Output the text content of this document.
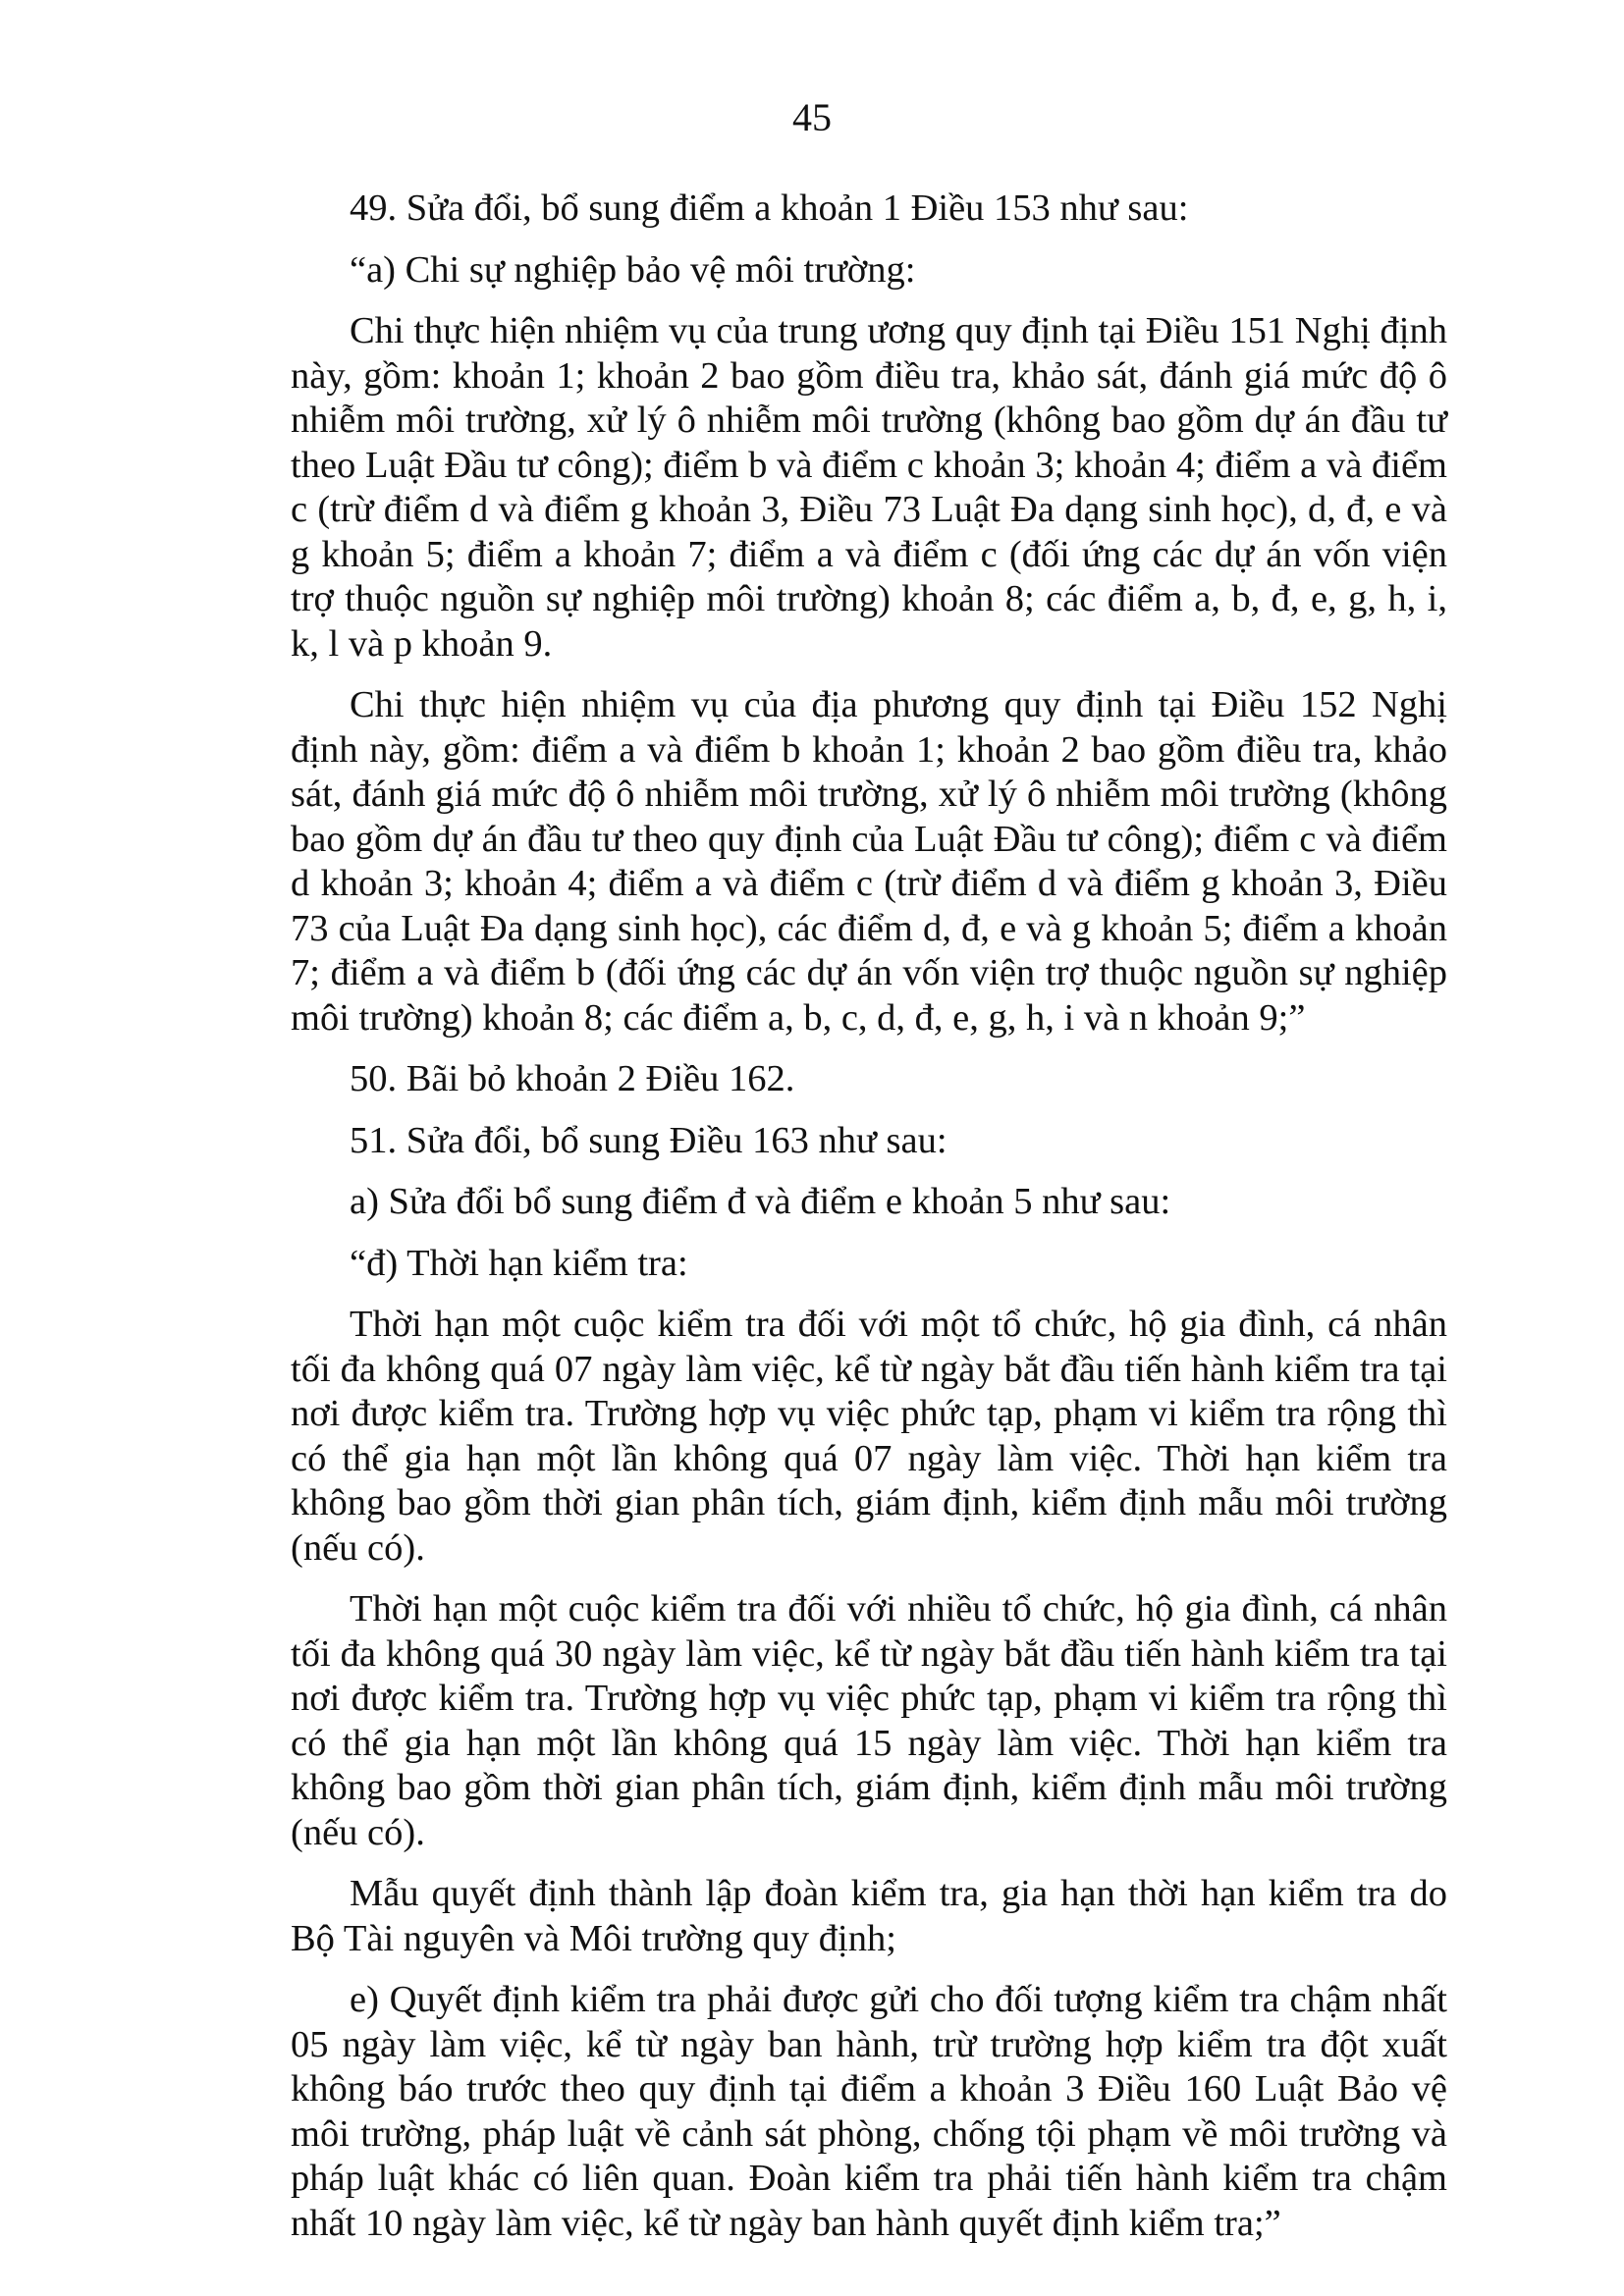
45

49. Sửa đổi, bổ sung điểm a khoản 1 Điều 153 như sau:

“a) Chi sự nghiệp bảo vệ môi trường:

Chi thực hiện nhiệm vụ của trung ương quy định tại Điều 151 Nghị định này, gồm: khoản 1; khoản 2 bao gồm điều tra, khảo sát, đánh giá mức độ ô nhiễm môi trường, xử lý ô nhiễm môi trường (không bao gồm dự án đầu tư theo Luật Đầu tư công); điểm b và điểm c khoản 3; khoản 4; điểm a và điểm c (trừ điểm d và điểm g khoản 3, Điều 73 Luật Đa dạng sinh học), d, đ, e và g khoản 5; điểm a khoản 7; điểm a và điểm c (đối ứng các dự án vốn viện trợ thuộc nguồn sự nghiệp môi trường) khoản 8; các điểm a, b, đ, e, g, h, i, k, l và p khoản 9.

Chi thực hiện nhiệm vụ của địa phương quy định tại Điều 152 Nghị định này, gồm: điểm a và điểm b khoản 1; khoản 2 bao gồm điều tra, khảo sát, đánh giá mức độ ô nhiễm môi trường, xử lý ô nhiễm môi trường (không bao gồm dự án đầu tư theo quy định của Luật Đầu tư công); điểm c và điểm d khoản 3; khoản 4; điểm a và điểm c (trừ điểm d và điểm g khoản 3, Điều 73 của Luật Đa dạng sinh học), các điểm d, đ, e và g khoản 5; điểm a khoản 7; điểm a và điểm b (đối ứng các dự án vốn viện trợ thuộc nguồn sự nghiệp môi trường) khoản 8; các điểm a, b, c, d, đ, e, g, h, i và n khoản 9;”

50. Bãi bỏ khoản 2 Điều 162.

51. Sửa đổi, bổ sung Điều 163 như sau:

a) Sửa đổi bổ sung điểm đ và điểm e khoản 5 như sau:

“đ) Thời hạn kiểm tra:

Thời hạn một cuộc kiểm tra đối với một tổ chức, hộ gia đình, cá nhân tối đa không quá 07 ngày làm việc, kể từ ngày bắt đầu tiến hành kiểm tra tại nơi được kiểm tra. Trường hợp vụ việc phức tạp, phạm vi kiểm tra rộng thì có thể gia hạn một lần không quá 07 ngày làm việc. Thời hạn kiểm tra không bao gồm thời gian phân tích, giám định, kiểm định mẫu môi trường (nếu có).

Thời hạn một cuộc kiểm tra đối với nhiều tổ chức, hộ gia đình, cá nhân tối đa không quá 30 ngày làm việc, kể từ ngày bắt đầu tiến hành kiểm tra tại nơi được kiểm tra. Trường hợp vụ việc phức tạp, phạm vi kiểm tra rộng thì có thể gia hạn một lần không quá 15 ngày làm việc. Thời hạn kiểm tra không bao gồm thời gian phân tích, giám định, kiểm định mẫu môi trường (nếu có).

Mẫu quyết định thành lập đoàn kiểm tra, gia hạn thời hạn kiểm tra do Bộ Tài nguyên và Môi trường quy định;

e) Quyết định kiểm tra phải được gửi cho đối tượng kiểm tra chậm nhất 05 ngày làm việc, kể từ ngày ban hành, trừ trường hợp kiểm tra đột xuất không báo trước theo quy định tại điểm a khoản 3 Điều 160 Luật Bảo vệ môi trường, pháp luật về cảnh sát phòng, chống tội phạm về môi trường và pháp luật khác có liên quan. Đoàn kiểm tra phải tiến hành kiểm tra chậm nhất 10 ngày làm việc, kể từ ngày ban hành quyết định kiểm tra;”
